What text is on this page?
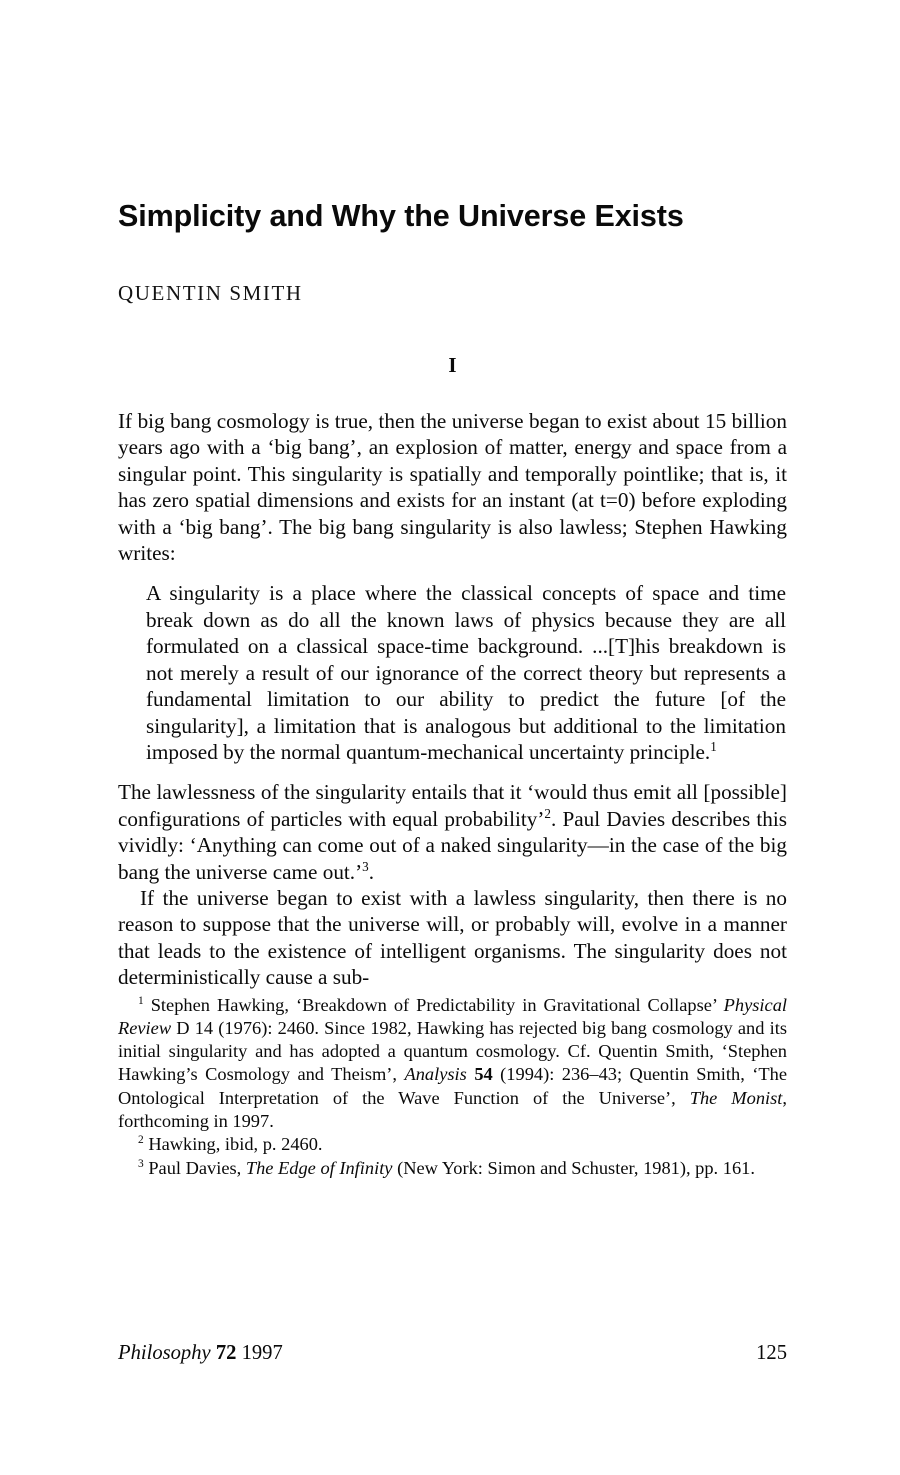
Simplicity and Why the Universe Exists
QUENTIN SMITH
I

If big bang cosmology is true, then the universe began to exist about 15 billion years ago with a ‘big bang’, an explosion of matter, energy and space from a singular point. This singularity is spatially and temporally pointlike; that is, it has zero spatial dimensions and exists for an instant (at t=0) before exploding with a ‘big bang’. The big bang singularity is also lawless; Stephen Hawking writes:

A singularity is a place where the classical concepts of space and time break down as do all the known laws of physics because they are all formulated on a classical space-time background. ...[T]his breakdown is not merely a result of our ignorance of the correct theory but represents a fundamental limitation to our ability to predict the future [of the singularity], a limitation that is analogous but additional to the limitation imposed by the normal quantum-mechanical uncertainty principle.$^1$

The lawlessness of the singularity entails that it ‘would thus emit all [possible] configurations of particles with equal probability’$^2$. Paul Davies describes this vividly: ‘Anything can come out of a naked singularity—in the case of the big bang the universe came out.’$^3$.

If the universe began to exist with a lawless singularity, then there is no reason to suppose that the universe will, or probably will, evolve in a manner that leads to the existence of intelligent organisms. The singularity does not deterministically cause a sub-

$^1$ Stephen Hawking, ‘Breakdown of Predictability in Gravitational Collapse’ Physical Review D 14 (1976): 2460. Since 1982, Hawking has rejected big bang cosmology and its initial singularity and has adopted a quantum cosmology. Cf. Quentin Smith, ‘Stephen Hawking’s Cosmology and Theism’, Analysis 54 (1994): 236–43; Quentin Smith, ‘The Ontological Interpretation of the Wave Function of the Universe’, The Monist, forthcoming in 1997.

$^2$ Hawking, ibid, p. 2460.

$^3$ Paul Davies, The Edge of Infinity (New York: Simon and Schuster, 1981), pp. 161.

Philosophy 72 1997	125
